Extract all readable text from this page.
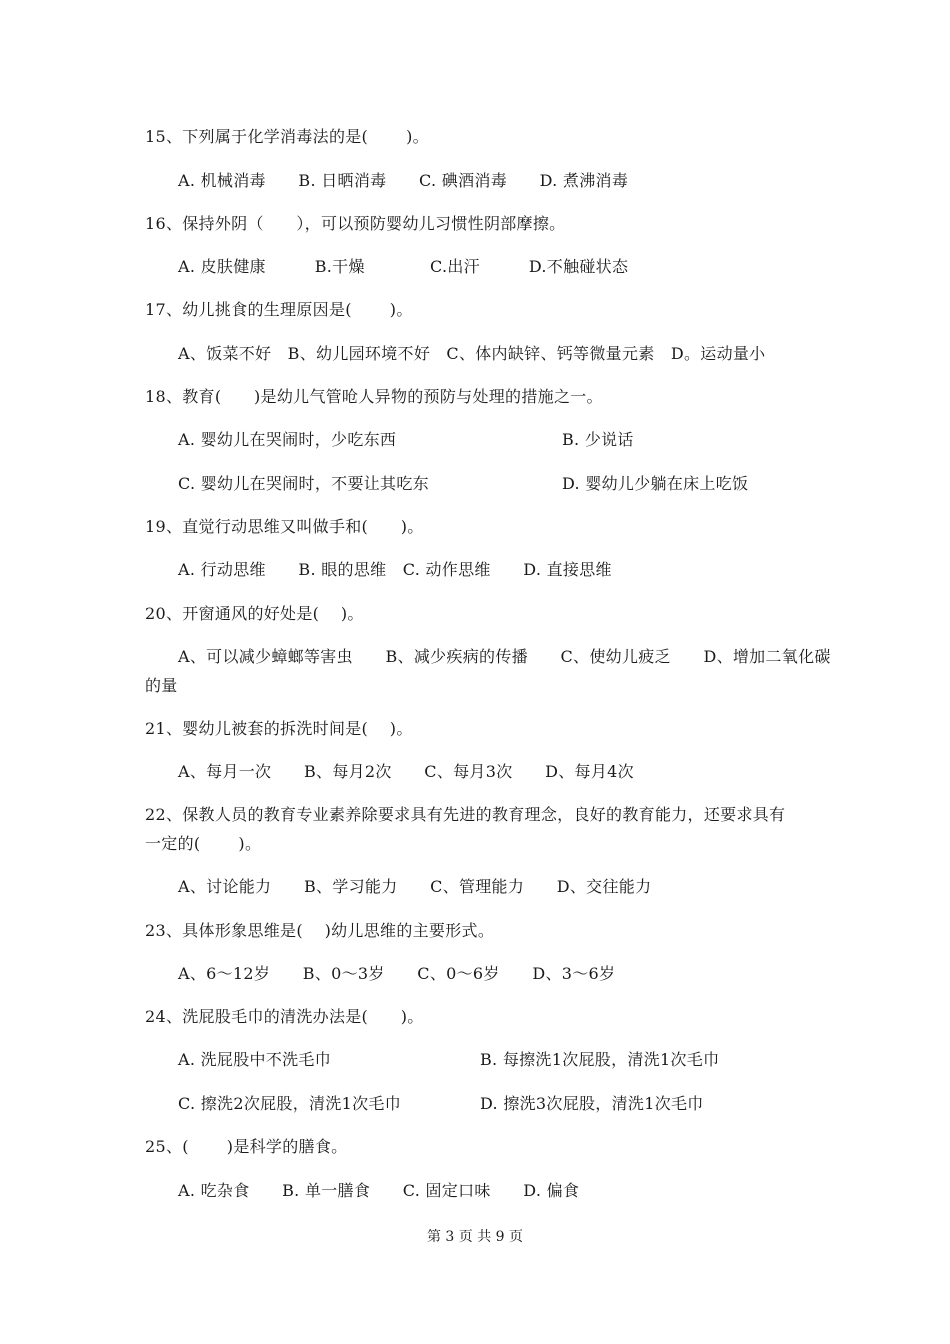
15、下列属于化学消毒法的是(　　 )。
A. 机械消毒　　B. 日晒消毒　　C. 碘酒消毒　　D. 煮沸消毒
16、保持外阴（　　），可以预防婴幼儿习惯性阴部摩擦。
A. 皮肤健康　　　B.干燥　　　　C.出汗　　　D.不触碰状态
17、幼儿挑食的生理原因是(　　 )。
A、饭菜不好　B、幼儿园环境不好　C、体内缺锌、钙等微量元素　D。运动量小
18、教育(　　)是幼儿气管呛人异物的预防与处理的措施之一。
A. 婴幼儿在哭闹时，少吃东西	B. 少说话
C. 婴幼儿在哭闹时，不要让其吃东	D. 婴幼儿少躺在床上吃饭
19、直觉行动思维又叫做手和(　　)。
A. 行动思维　　B. 眼的思维　C. 动作思维　　D. 直接思维
20、开窗通风的好处是(　 )。
A、可以减少蟑螂等害虫　　B、减少疾病的传播　　C、使幼儿疲乏　　D、增加二氧化碳
的量
21、婴幼儿被套的拆洗时间是(　 )。
A、每月一次　　B、每月2次　　C、每月3次　　D、每月4次
22、保教人员的教育专业素养除要求具有先进的教育理念，良好的教育能力，还要求具有
一定的(　　 )。
A、讨论能力　　B、学习能力　　C、管理能力　　D、交往能力
23、具体形象思维是(　 )幼儿思维的主要形式。
A、6～12岁　　B、0～3岁　　C、0～6岁　　D、3～6岁
24、洗屁股毛巾的清洗办法是(　　)。
A. 洗屁股中不洗毛巾	B. 每擦洗1次屁股，清洗1次毛巾
C. 擦洗2次屁股，清洗1次毛巾	D. 擦洗3次屁股，清洗1次毛巾
25、(　　 )是科学的膳食。
A. 吃杂食　　B. 单一膳食　　C. 固定口味　　D. 偏食
第 3 页 共 9 页
